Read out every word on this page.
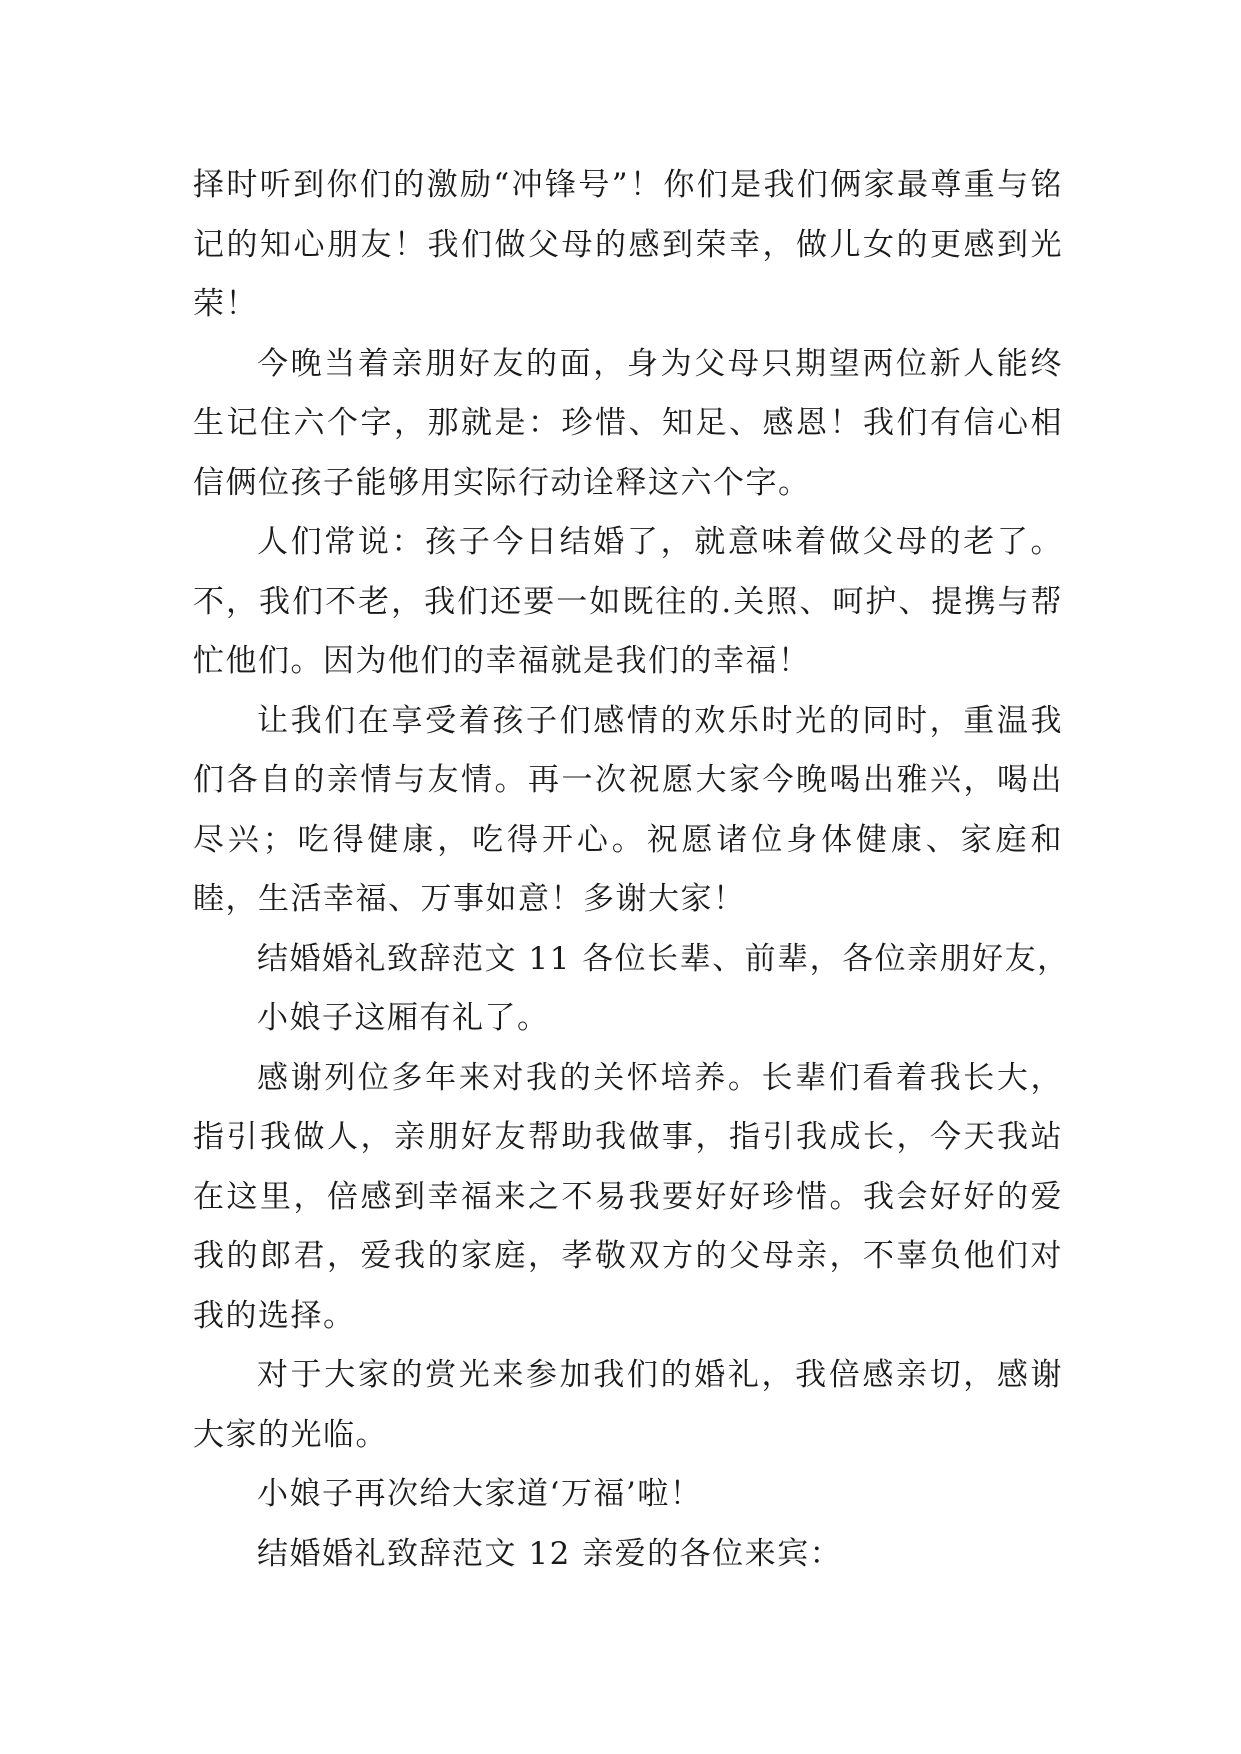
择时听到你们的激励“冲锋号”！你们是我们俩家最尊重与铭记的知心朋友！我们做父母的感到荣幸，做儿女的更感到光荣！

今晚当着亲朋好友的面，身为父母只期望两位新人能终生记住六个字，那就是：珍惜、知足、感恩！我们有信心相信俩位孩子能够用实际行动诠释这六个字。

人们常说：孩子今日结婚了，就意味着做父母的老了。不，我们不老，我们还要一如既往的.关照、呵护、提携与帮忙他们。因为他们的幸福就是我们的幸福！

让我们在享受着孩子们感情的欢乐时光的同时，重温我们各自的亲情与友情。再一次祝愿大家今晚喝出雅兴，喝出尽兴；吃得健康，吃得开心。祝愿诸位身体健康、家庭和睦，生活幸福、万事如意！多谢大家！

结婚婚礼致辞范文 11 各位长辈、前辈，各位亲朋好友，

小娘子这厢有礼了。

感谢列位多年来对我的关怀培养。长辈们看着我长大，指引我做人，亲朋好友帮助我做事，指引我成长，今天我站在这里，倍感到幸福来之不易我要好好珍惜。我会好好的爱我的郎君，爱我的家庭，孝敬双方的父母亲，不辜负他们对我的选择。

对于大家的赏光来参加我们的婚礼，我倍感亲切，感谢大家的光临。

小娘子再次给大家道‘万福’啦！

结婚婚礼致辞范文 12 亲爱的各位来宾：
